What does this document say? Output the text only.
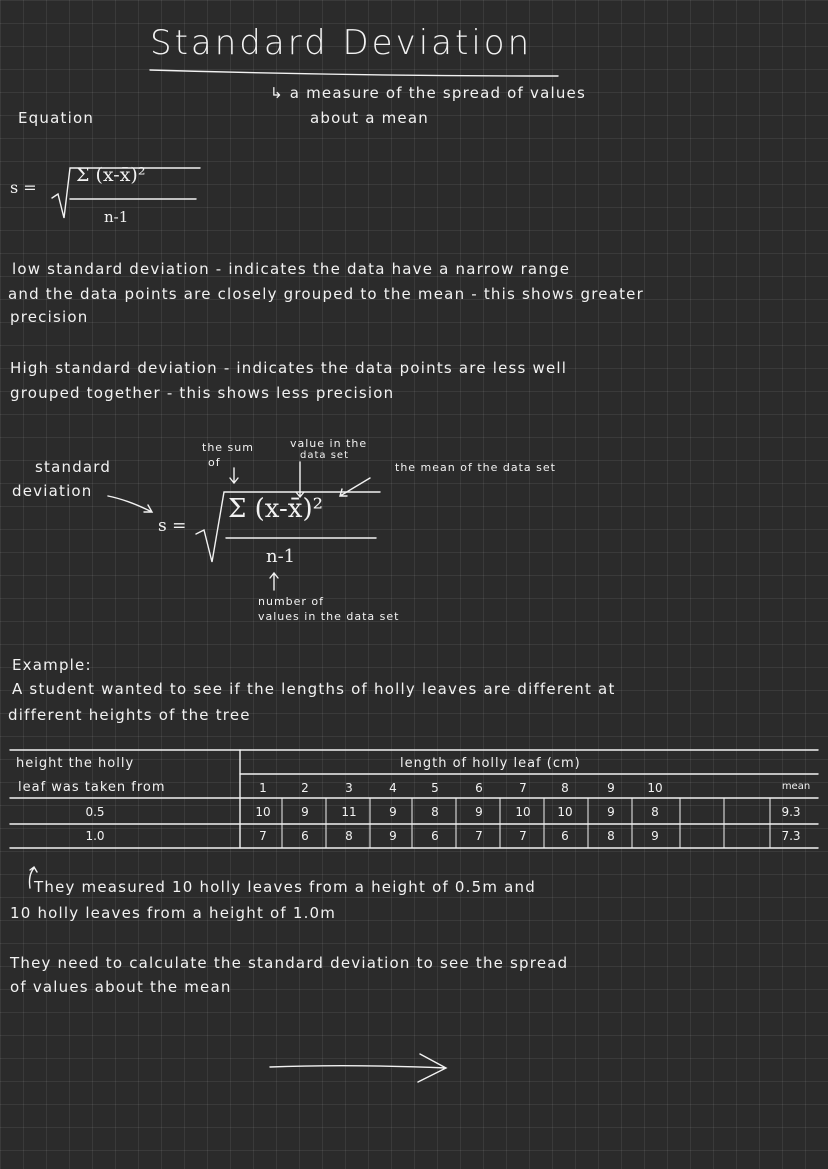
Standard Deviation
↳ a measure of the spread of values
about a mean
Equation
s =
Σ (x-x̄)²
n-1
low standard deviation - indicates the data have a narrow range
and the data points are closely grouped to the mean - this shows greater
precision
High standard deviation - indicates the data points are less well
grouped together - this shows less precision
the sum
of
value in the
data set
the mean of the data set
standard
deviation
s =
Σ (x-x̄)²
n-1
number of
values in the data set
Example:
A student wanted to see if the lengths of holly leaves are different at
different heights of the tree
height the holly
leaf was taken from
length of holly leaf (cm)
1	2	3	4	5	6	7	8	9	10	mean
0.5	10	9	11	9	8	9	10	10	9	8	9.3
1.0	7	6	8	9	6	7	7	6	8	9	7.3
They measured 10 holly leaves from a height of 0.5m and
10 holly leaves from a height of 1.0m
They need to calculate the standard deviation to see the spread
of values about the mean
